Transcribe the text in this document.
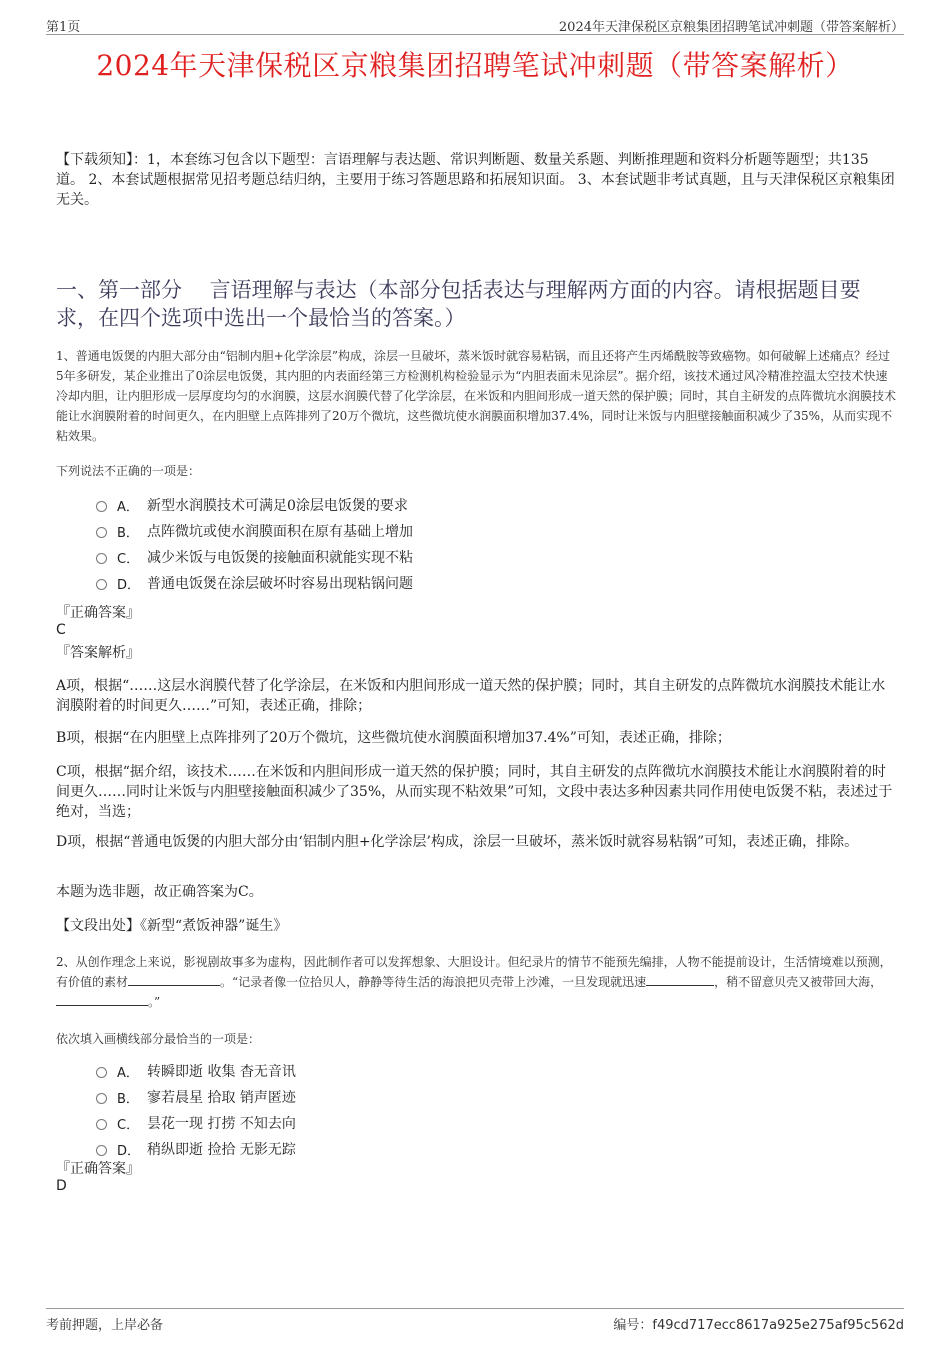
第1页	2024年天津保税区京粮集团招聘笔试冲刺题（带答案解析）
2024年天津保税区京粮集团招聘笔试冲刺题（带答案解析）
【下载须知】：1，本套练习包含以下题型：言语理解与表达题、常识判断题、数量关系题、判断推理题和资料分析题等题型；共135道。 2、本套试题根据常见招考题总结归纳，主要用于练习答题思路和拓展知识面。 3、本套试题非考试真题，且与天津保税区京粮集团无关。
一、第一部分　 言语理解与表达（本部分包括表达与理解两方面的内容。请根据题目要求，在四个选项中选出一个最恰当的答案。）
1、普通电饭煲的内胆大部分由“铝制内胆+化学涂层”构成，涂层一旦破坏，蒸米饭时就容易粘锅，而且还将产生丙烯酰胺等致癌物。如何破解上述痛点？经过5年多研发，某企业推出了0涂层电饭煲，其内胆的内表面经第三方检测机构检验显示为“内胆表面未见涂层”。据介绍，该技术通过风冷精准控温太空技术快速冷却内胆，让内胆形成一层厚度均匀的水润膜，这层水润膜代替了化学涂层，在米饭和内胆间形成一道天然的保护膜；同时，其自主研发的点阵微坑水润膜技术能让水润膜附着的时间更久，在内胆壁上点阵排列了20万个微坑，这些微坑使水润膜面积增加37.4%，同时让米饭与内胆壁接触面积减少了35%，从而实现不粘效果。
下列说法不正确的一项是：
A． 新型水润膜技术可满足0涂层电饭煲的要求
B． 点阵微坑或使水润膜面积在原有基础上增加
C． 减少米饭与电饭煲的接触面积就能实现不粘
D． 普通电饭煲在涂层破坏时容易出现粘锅问题
『正确答案』
C
『答案解析』
A项，根据“……这层水润膜代替了化学涂层，在米饭和内胆间形成一道天然的保护膜；同时，其自主研发的点阵微坑水润膜技术能让水润膜附着的时间更久……”可知，表述正确，排除；
B项，根据“在内胆壁上点阵排列了20万个微坑，这些微坑使水润膜面积增加37.4%”可知，表述正确，排除；
C项，根据“据介绍，该技术……在米饭和内胆间形成一道天然的保护膜；同时，其自主研发的点阵微坑水润膜技术能让水润膜附着的时间更久……同时让米饭与内胆壁接触面积减少了35%，从而实现不粘效果”可知，文段中表达多种因素共同作用使电饭煲不粘，表述过于绝对，当选；
D项，根据“普通电饭煲的内胆大部分由‘铝制内胆+化学涂层’构成，涂层一旦破坏，蒸米饭时就容易粘锅”可知，表述正确，排除。
本题为选非题，故正确答案为C。
【文段出处】《新型“煮饭神器”诞生》
2、从创作理念上来说，影视剧故事多为虚构，因此制作者可以发挥想象、大胆设计。但纪录片的情节不能预先编排，人物不能提前设计，生活情境难以预测，有价值的素材	。“记录者像一位拾贝人，静静等待生活的海浪把贝壳带上沙滩，一旦发现就迅速	，稍不留意贝壳又被带回大海，。”
依次填入画横线部分最恰当的一项是：
A． 转瞬即逝 收集 杳无音讯
B． 寥若晨星 拾取 销声匿迹
C． 昙花一现 打捞 不知去向
D． 稍纵即逝 捡拾 无影无踪
『正确答案』
D
考前押题，上岸必备	编号：f49cd717ecc8617a925e275af95c562d
